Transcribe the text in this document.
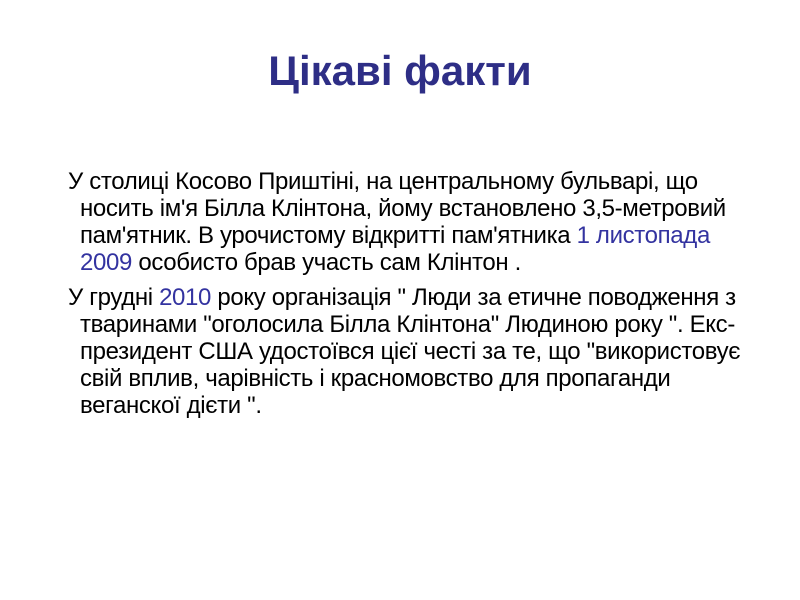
Цікаві факти

У столиці Косово Приштіні, на центральному бульварі, що носить ім'я Білла Клінтона, йому встановлено 3,5-метровий пам'ятник. В урочистому відкритті пам'ятника 1 листопада 2009 особисто брав участь сам Клінтон .

У грудні 2010 року організація " Люди за етичне поводження з тваринами "оголосила Білла Клінтона" Людиною року ". Екс-президент США удостоївся цієї честі за те, що "використовує свій вплив, чарівність і красномовство для пропаганди веганскої дієти ".
